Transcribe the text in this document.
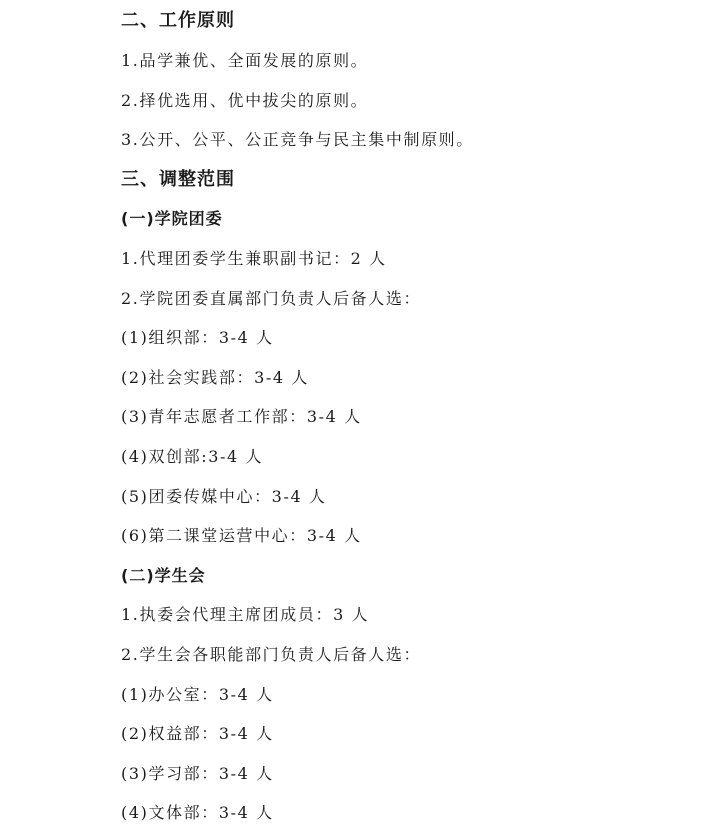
二、工作原则
1.品学兼优、全面发展的原则。
2.择优选用、优中拔尖的原则。
3.公开、公平、公正竞争与民主集中制原则。
三、调整范围
(一)学院团委
1.代理团委学生兼职副书记：2 人
2.学院团委直属部门负责人后备人选：
(1)组织部：3-4 人
(2)社会实践部：3-4 人
(3)青年志愿者工作部：3-4 人
(4)双创部:3-4 人
(5)团委传媒中心：3-4 人
(6)第二课堂运营中心：3-4 人
(二)学生会
1.执委会代理主席团成员：3 人
2.学生会各职能部门负责人后备人选：
(1)办公室：3-4 人
(2)权益部：3-4 人
(3)学习部：3-4 人
(4)文体部：3-4 人
